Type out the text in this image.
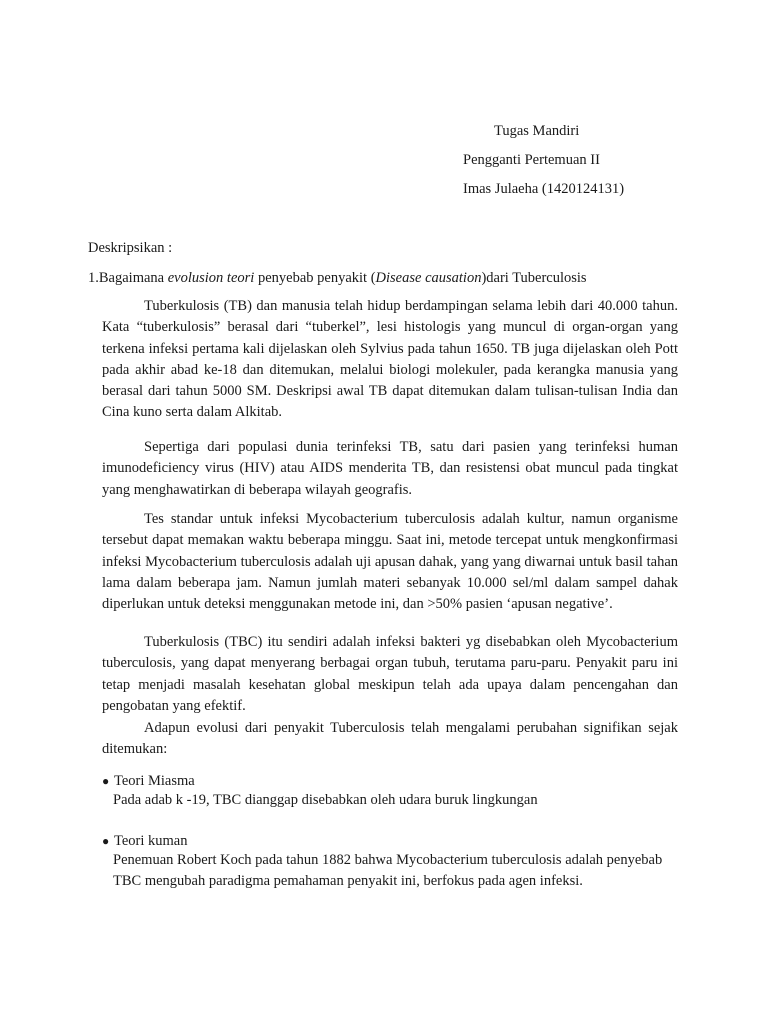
Tugas Mandiri
Pengganti Pertemuan II
Imas Julaeha (1420124131)
Deskripsikan :
1.Bagaimana evolusion teori penyebab penyakit (Disease causation)dari Tuberculosis

Tuberkulosis (TB) dan manusia telah hidup berdampingan selama lebih dari 40.000 tahun. Kata “tuberkulosis” berasal dari “tuberkel”, lesi histologis yang muncul di organ-organ yang terkena infeksi pertama kali dijelaskan oleh Sylvius pada tahun 1650. TB juga dijelaskan oleh Pott pada akhir abad ke-18 dan ditemukan, melalui biologi molekuler, pada kerangka manusia yang berasal dari tahun 5000 SM. Deskripsi awal TB dapat ditemukan dalam tulisan-tulisan India dan Cina kuno serta dalam Alkitab.

Sepertiga dari populasi dunia terinfeksi TB, satu dari pasien yang terinfeksi human imunodeficiency virus (HIV) atau AIDS menderita TB, dan resistensi obat muncul pada tingkat yang menghawatirkan di beberapa wilayah geografis.

Tes standar untuk infeksi Mycobacterium tuberculosis adalah kultur, namun organisme tersebut dapat memakan waktu beberapa minggu. Saat ini, metode tercepat untuk mengkonfirmasi infeksi Mycobacterium tuberculosis adalah uji apusan dahak, yang yang diwarnai untuk basil tahan lama dalam beberapa jam. Namun jumlah materi sebanyak 10.000 sel/ml dalam sampel dahak diperlukan untuk deteksi menggunakan metode ini, dan >50% pasien ‘apusan negative’.

Tuberkulosis (TBC) itu sendiri adalah infeksi bakteri yg disebabkan oleh Mycobacterium tuberculosis, yang dapat menyerang berbagai organ tubuh, terutama paru-paru. Penyakit paru ini tetap menjadi masalah kesehatan global meskipun telah ada upaya dalam pencengahan dan pengobatan yang efektif.

Adapun evolusi dari penyakit Tuberculosis telah mengalami perubahan signifikan sejak ditemukan:

● Teori Miasma
Pada adab k -19, TBC dianggap disebabkan oleh udara buruk lingkungan
● Teori kuman
Penemuan Robert Koch pada tahun 1882 bahwa Mycobacterium tuberculosis adalah penyebab
TBC mengubah paradigma pemahaman penyakit ini, berfokus pada agen infeksi.
